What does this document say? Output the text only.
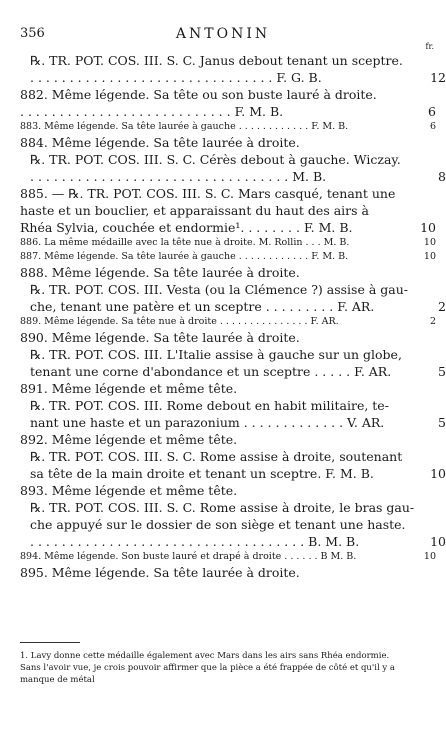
356	ANTONIN
fr.
℞. TR. POT. COS. III. S. C. Janus debout tenant un sceptre.
. . . . . . . . . . . . . . . . . . . . . . . . . . . . . . . F. G. B.	12
882. Même légende. Sa tête ou son buste lauré à droite.
. . . . . . . . . . . . . . . . . . . . . . . . . . . F. M. B.	6
883. Même légende. Sa tête laurée à gauche . . . . . . . . . . . . F. M. B.	6
884. Même légende. Sa tête laurée à droite.
℞. TR. POT. COS. III. S. C. Cérès debout à gauche. Wiczay.
. . . . . . . . . . . . . . . . . . . . . . . . . . . . . . . . . M. B.	8
885. — ℞. TR. POT. COS. III. S. C. Mars casqué, tenant une
haste et un bouclier, et apparaissant du haut des airs à
Rhéa Sylvia, couchée et endormie¹. . . . . . . . F. M. B.	10
886. La même médaille avec la tête nue à droite. M. Rollin . . . M. B.	10
887. Même légende. Sa tête laurée à gauche . . . . . . . . . . . . F. M. B.	10
888. Même légende. Sa tête laurée à droite.
℞. TR. POT. COS. III. Vesta (ou la Clémence ?) assise à gau-
che, tenant une patère et un sceptre . . . . . . . . . F. AR.	2
889. Même légende. Sa tête nue à droite . . . . . . . . . . . . . . . F. AR.	2
890. Même légende. Sa tête laurée à droite.
℞. TR. POT. COS. III. L'Italie assise à gauche sur un globe,
tenant une corne d'abondance et un sceptre . . . . . F. AR.	5
891. Même légende et même tête.
℞. TR. POT. COS. III. Rome debout en habit militaire, te-
nant une haste et un parazonium . . . . . . . . . . . . . V. AR.	5
892. Même légende et même tête.
℞. TR. POT. COS. III. S. C. Rome assise à droite, soutenant
sa tête de la main droite et tenant un sceptre. F. M. B.	10
893. Même légende et même tête.
℞. TR. POT. COS. III. S. C. Rome assise à droite, le bras gau-
che appuyé sur le dossier de son siège et tenant une haste.
. . . . . . . . . . . . . . . . . . . . . . . . . . . . . . . . . . . B. M. B.	10
894. Même légende. Son buste lauré et drapé à droite . . . . . . B M. B.	10
895. Même légende. Sa tête laurée à droite.
1. Lavy donne cette médaille également avec Mars dans les airs sans Rhéa endormie.
Sans l'avoir vue, je crois pouvoir affirmer que la pièce a été frappée de côté et qu'il y a
manque de métal
